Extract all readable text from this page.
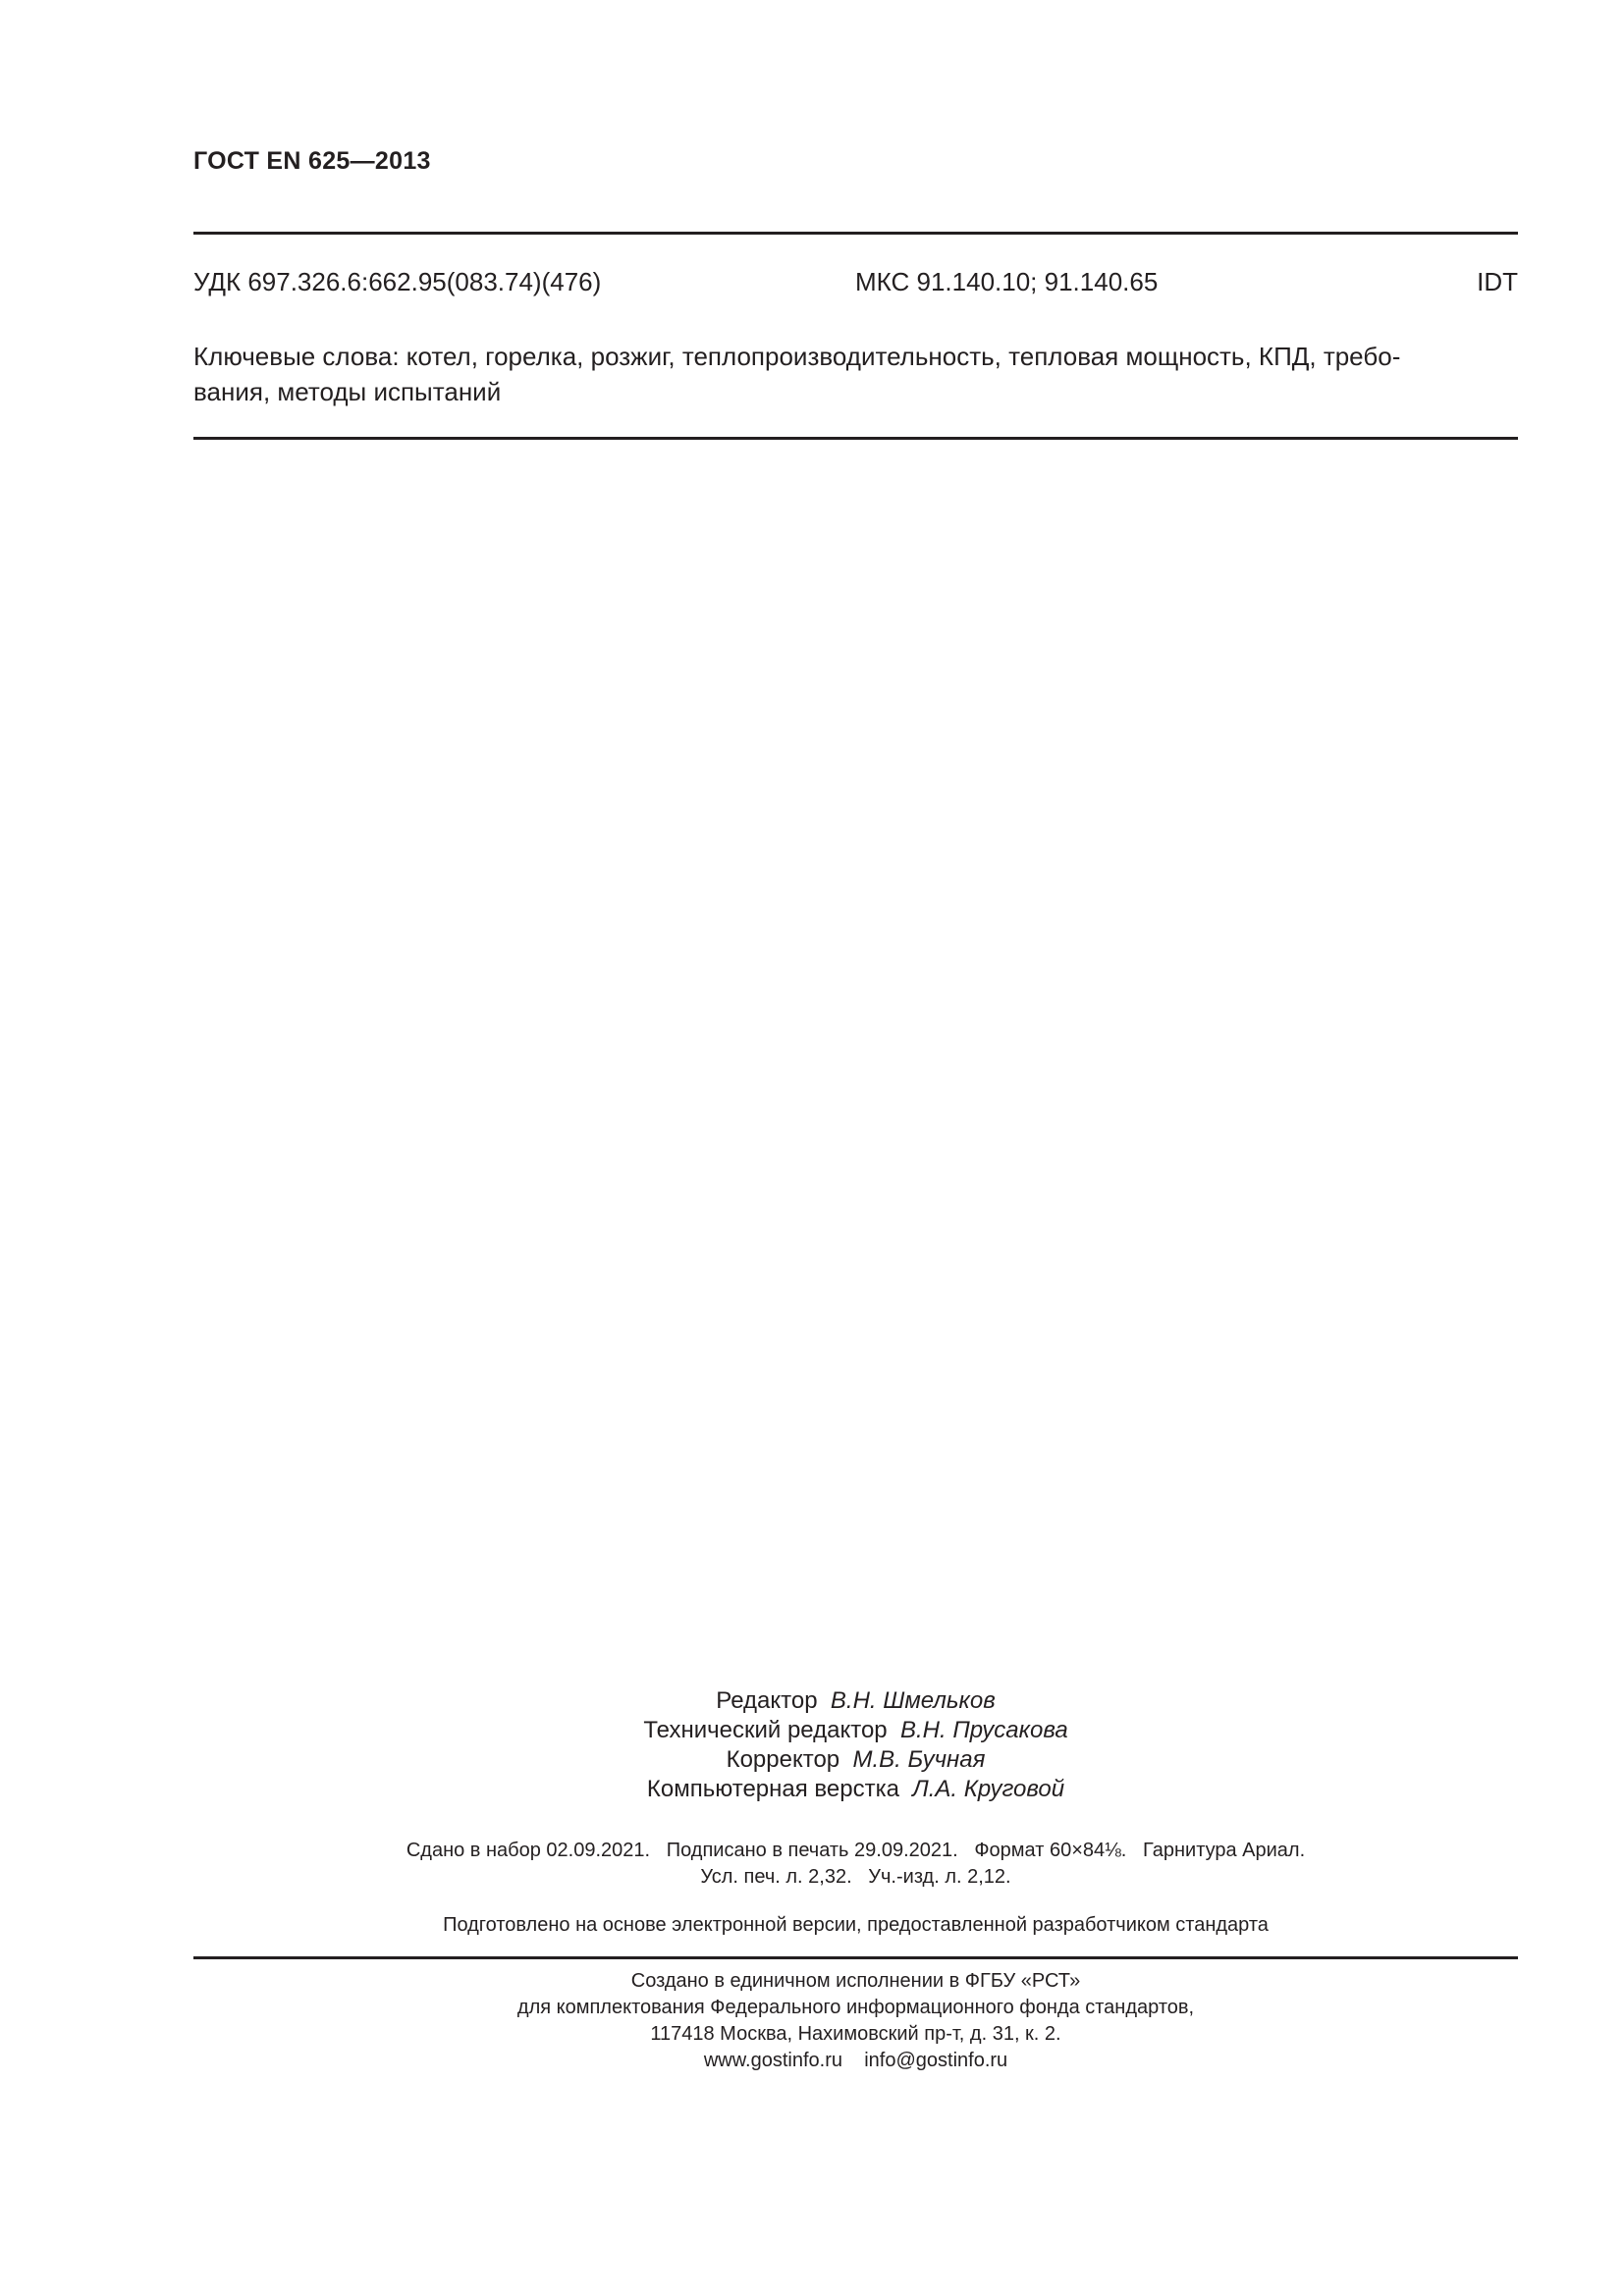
ГОСТ EN 625—2013
УДК 697.326.6:662.95(083.74)(476)	МКС 91.140.10; 91.140.65	IDT
Ключевые слова: котел, горелка, розжиг, теплопроизводительность, тепловая мощность, КПД, требо-
вания, методы испытаний
Редактор В.Н. Шмельков
Технический редактор В.Н. Прусакова
Корректор М.В. Бучная
Компьютерная верстка Л.А. Круговой
Сдано в набор 02.09.2021.   Подписано в печать 29.09.2021.   Формат 60×84⅛.   Гарнитура Ариал.
Усл. печ. л. 2,32.   Уч.-изд. л. 2,12.
Подготовлено на основе электронной версии, предоставленной разработчиком стандарта
Создано в единичном исполнении в ФГБУ «РСТ»
для комплектования Федерального информационного фонда стандартов,
117418 Москва, Нахимовский пр-т, д. 31, к. 2.
www.gostinfo.ru    info@gostinfo.ru
